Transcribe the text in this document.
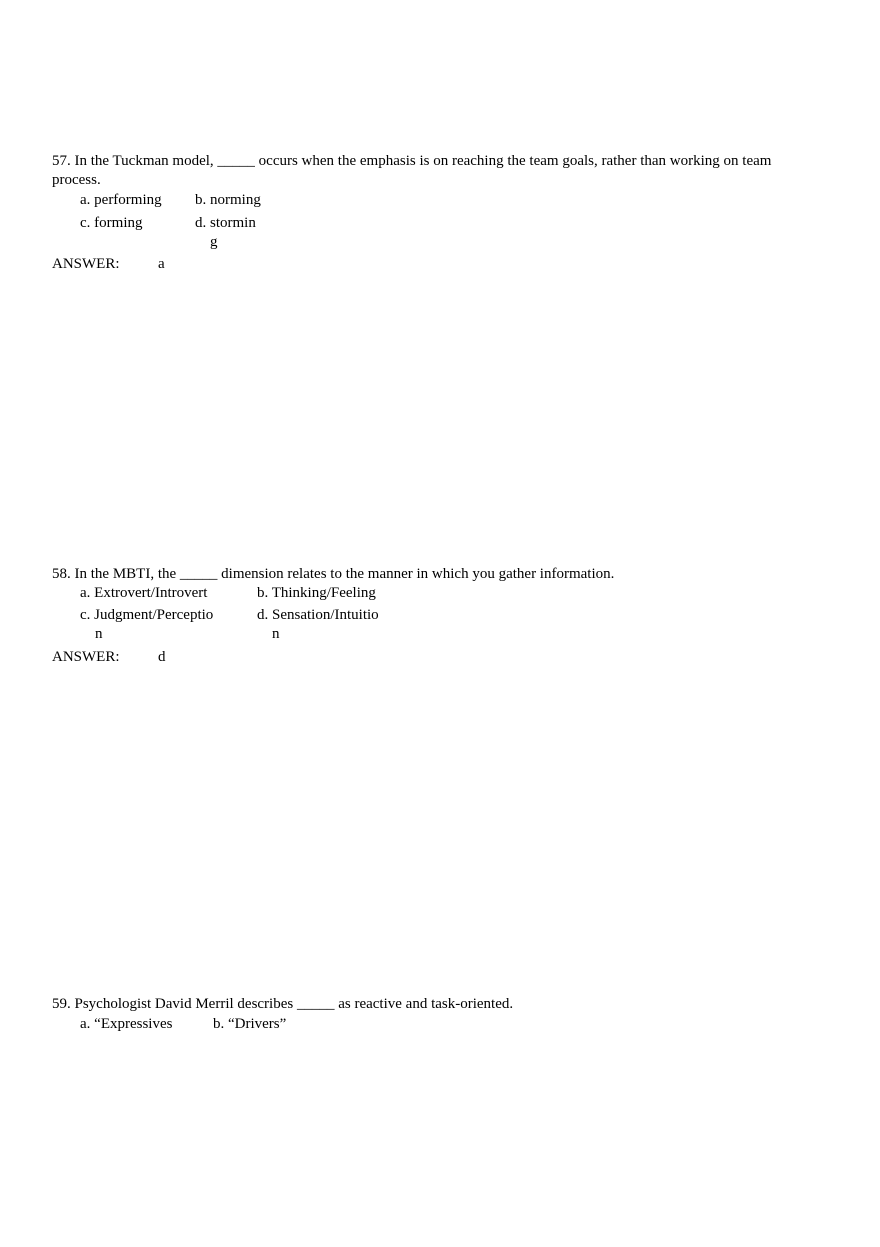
57. In the Tuckman model, _____ occurs when the emphasis is on reaching the team goals, rather than working on team
process.
a. performing b. norming
c. forming	d. stormin
g
ANSWER:	a
58. In the MBTI, the _____ dimension relates to the manner in which you gather information.
a. Extrovert/Introvert	b. Thinking/Feeling
c. Judgment/Perceptio
n
d. Sensation/Intuitio
n
ANSWER:	d
59. Psychologist David Merril describes _____ as reactive and task-oriented.
a. “Expressives	b. “Drivers”
